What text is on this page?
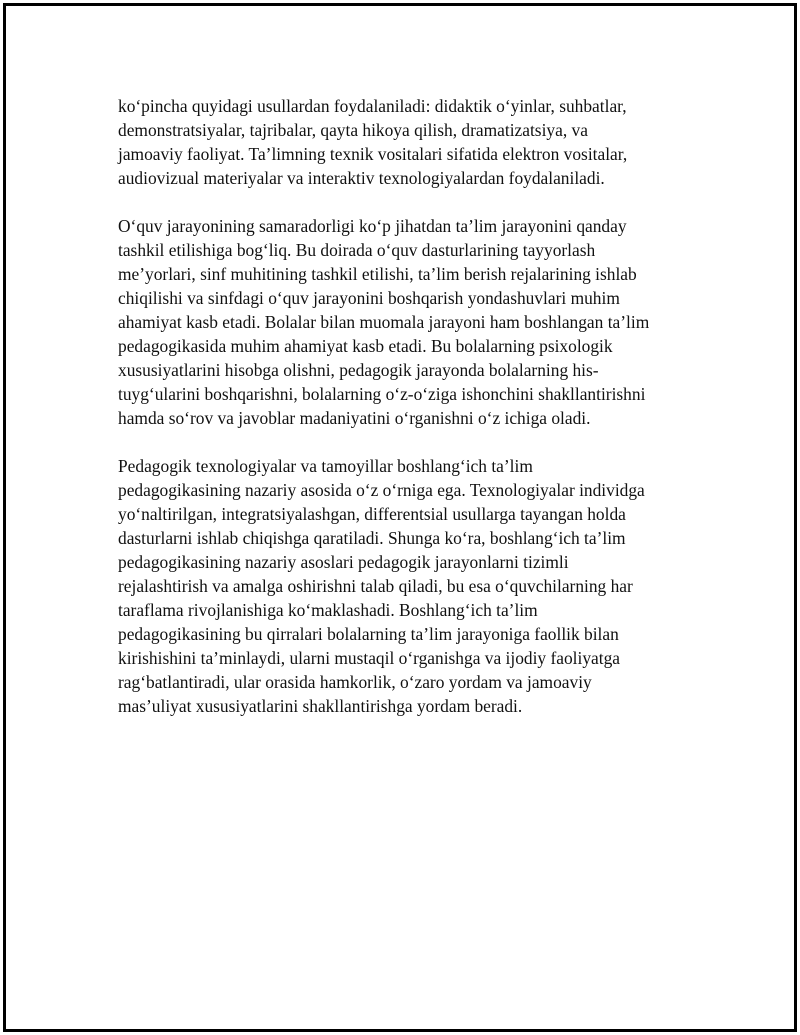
ko‘pincha quyidagi usullardan foydalaniladi: didaktik o‘yinlar, suhbatlar,
demonstratsiyalar, tajribalar, qayta hikoya qilish, dramatizatsiya, va
jamoaviy faoliyat. Ta’limning texnik vositalari sifatida elektron vositalar,
audiovizual materiyalar va interaktiv texnologiyalardan foydalaniladi.

O‘quv jarayonining samaradorligi ko‘p jihatdan ta’lim jarayonini qanday
tashkil etilishiga bog‘liq. Bu doirada o‘quv dasturlarining tayyorlash
me’yorlari, sinf muhitining tashkil etilishi, ta’lim berish rejalarining ishlab
chiqilishi va sinfdagi o‘quv jarayonini boshqarish yondashuvlari muhim
ahamiyat kasb etadi. Bolalar bilan muomala jarayoni ham boshlangan ta’lim
pedagogikasida muhim ahamiyat kasb etadi. Bu bolalarning psixologik
xususiyatlarini hisobga olishni, pedagogik jarayonda bolalarning his-
tuyg‘ularini boshqarishni, bolalarning o‘z-o‘ziga ishonchini shakllantirishni
hamda so‘rov va javoblar madaniyatini o‘rganishni o‘z ichiga oladi.

Pedagogik texnologiyalar va tamoyillar boshlang‘ich ta’lim
pedagogikasining nazariy asosida o‘z o‘rniga ega. Texnologiyalar individga
yo‘naltirilgan, integratsiyalashgan, differentsial usullarga tayangan holda
dasturlarni ishlab chiqishga qaratiladi. Shunga ko‘ra, boshlang‘ich ta’lim
pedagogikasining nazariy asoslari pedagogik jarayonlarni tizimli
rejalashtirish va amalga oshirishni talab qiladi, bu esa o‘quvchilarning har
taraflama rivojlanishiga ko‘maklashadi. Boshlang‘ich ta’lim
pedagogikasining bu qirralari bolalarning ta’lim jarayoniga faollik bilan
kirishishini ta’minlaydi, ularni mustaqil o‘rganishga va ijodiy faoliyatga
rag‘batlantiradi, ular orasida hamkorlik, o‘zaro yordam va jamoaviy
mas’uliyat xususiyatlarini shakllantirishga yordam beradi.
